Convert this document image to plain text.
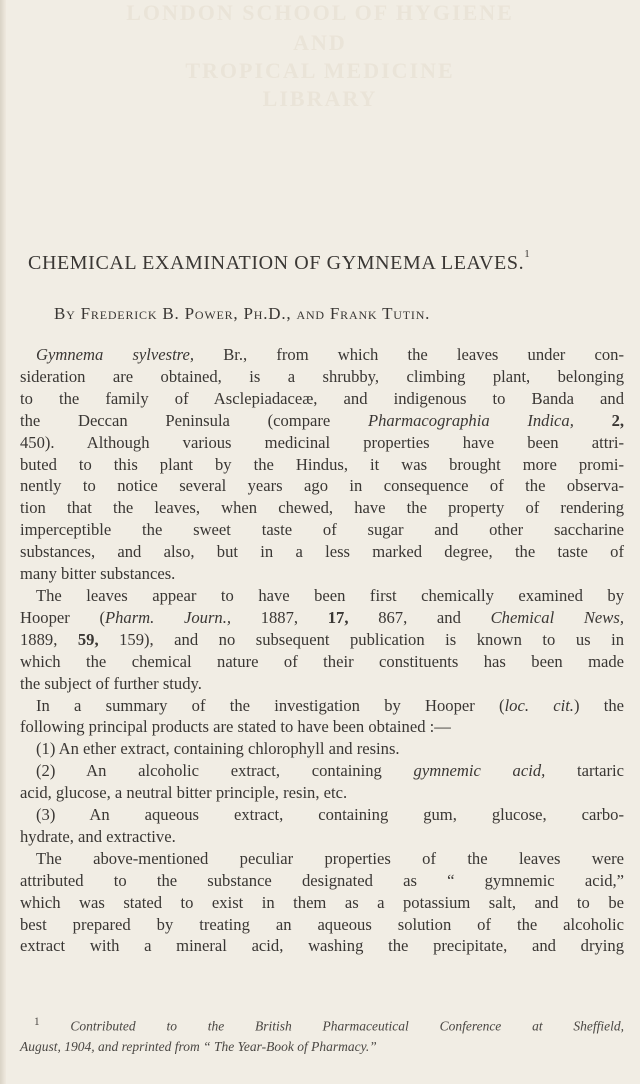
LONDON SCHOOL OF HYGIENE
AND
TROPICAL MEDICINE
LIBRARY
CHEMICAL EXAMINATION OF GYMNEMA LEAVES.$^1$
By Frederick B. Power, Ph.D., and Frank Tutin.
Gymnema sylvestre, Br., from which the leaves under con-
sideration are obtained, is a shrubby, climbing plant, belonging
to the family of Asclepiadaceæ, and indigenous to Banda and
the Deccan Peninsula (compare Pharmacographia Indica, 2,
450). Although various medicinal properties have been attri-
buted to this plant by the Hindus, it was brought more promi-
nently to notice several years ago in consequence of the observa-
tion that the leaves, when chewed, have the property of rendering
imperceptible the sweet taste of sugar and other saccharine
substances, and also, but in a less marked degree, the taste of
many bitter substances.
The leaves appear to have been first chemically examined by
Hooper (Pharm. Journ., 1887, 17, 867, and Chemical News,
1889, 59, 159), and no subsequent publication is known to us in
which the chemical nature of their constituents has been made
the subject of further study.
In a summary of the investigation by Hooper (loc. cit.) the
following principal products are stated to have been obtained :—
(1) An ether extract, containing chlorophyll and resins.
(2) An alcoholic extract, containing gymnemic acid, tartaric
acid, glucose, a neutral bitter principle, resin, etc.
(3) An aqueous extract, containing gum, glucose, carbo-
hydrate, and extractive.
The above-mentioned peculiar properties of the leaves were
attributed to the substance designated as “ gymnemic acid,”
which was stated to exist in them as a potassium salt, and to be
best prepared by treating an aqueous solution of the alcoholic
extract with a mineral acid, washing the precipitate, and drying
$^1$ Contributed to the British Pharmaceutical Conference at Sheffield,
August, 1904, and reprinted from “ The Year-Book of Pharmacy.”
